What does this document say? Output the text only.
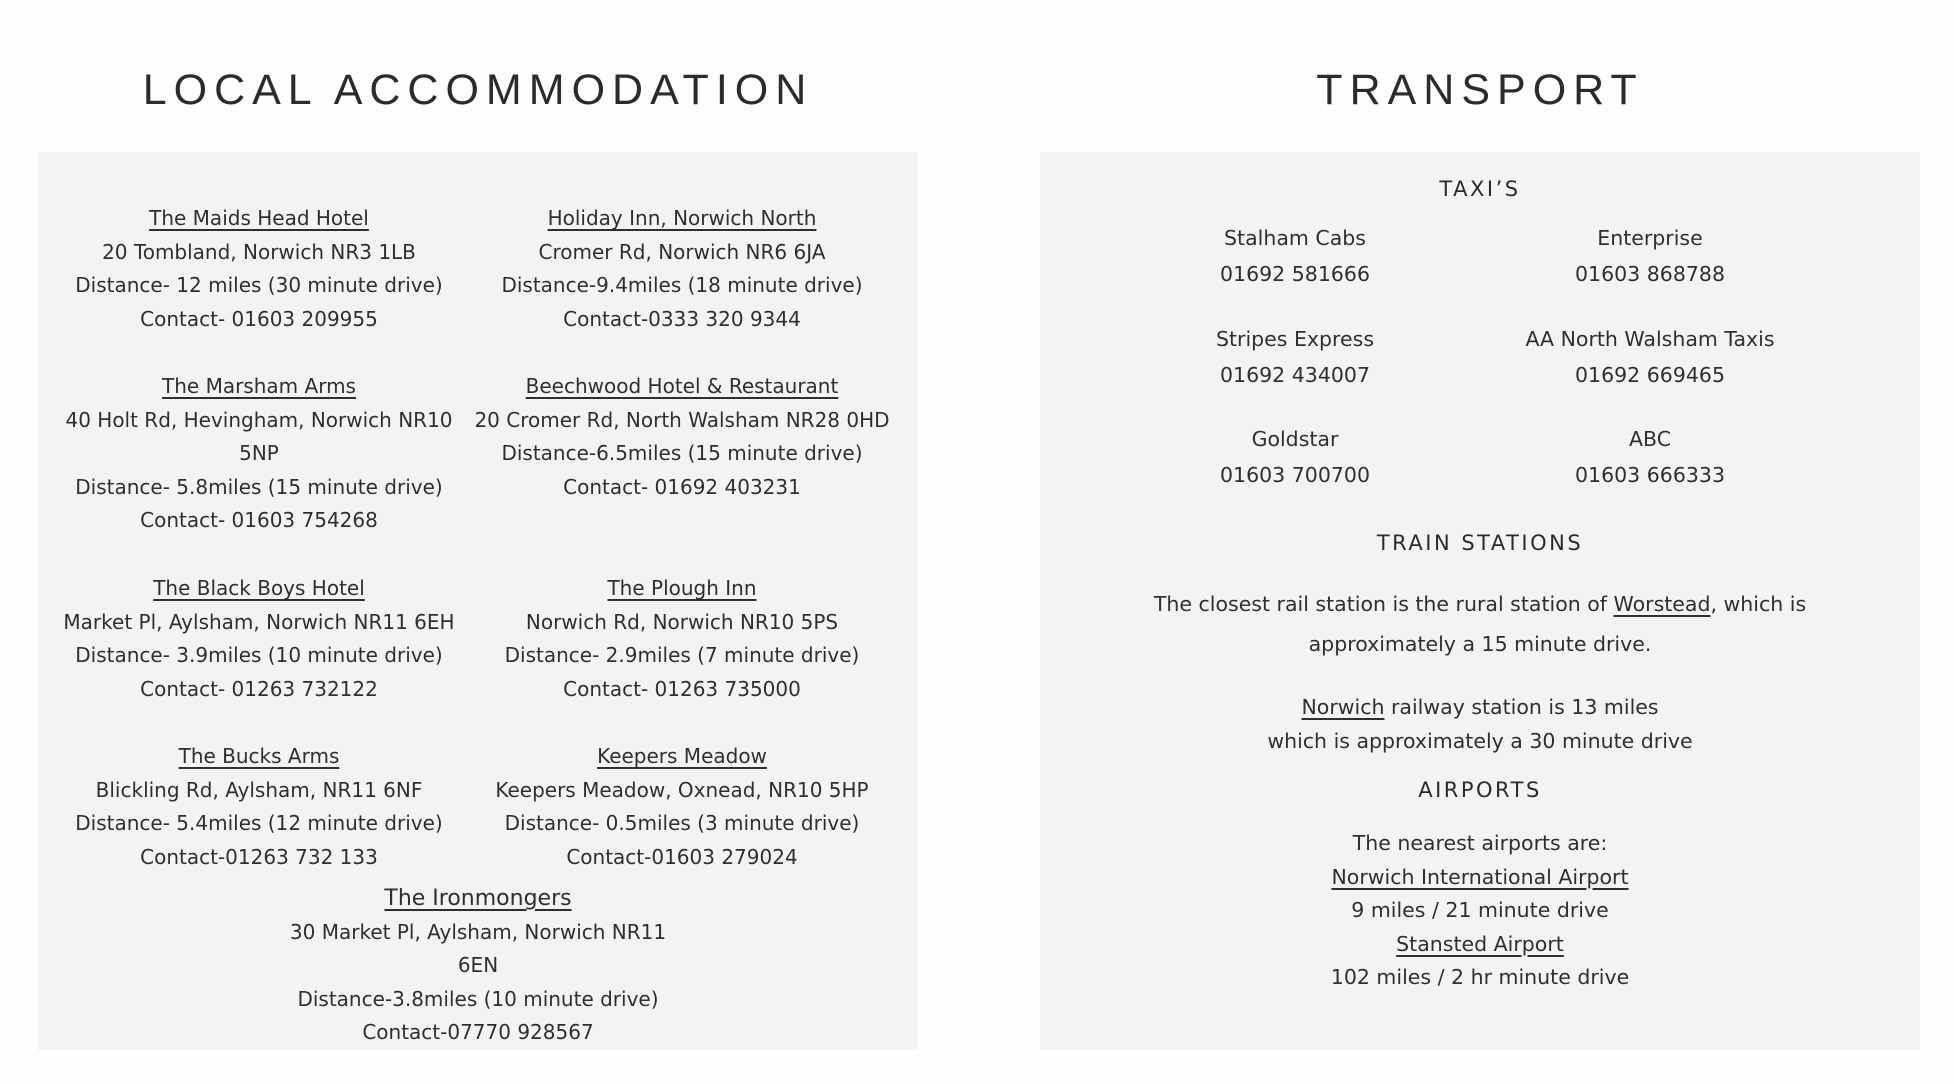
LOCAL ACCOMMODATION	TRANSPORT
The Maids Head Hotel
20 Tombland, Norwich NR3 1LB
Distance- 12 miles (30 minute drive)
Contact- 01603 209955
Holiday Inn, Norwich North
Cromer Rd, Norwich NR6 6JA
Distance-9.4miles (18 minute drive)
Contact-0333 320 9344
The Marsham Arms
40 Holt Rd, Hevingham, Norwich NR10 5NP
Distance- 5.8miles (15 minute drive)
Contact- 01603 754268
Beechwood Hotel & Restaurant
20 Cromer Rd, North Walsham NR28 0HD
Distance-6.5miles (15 minute drive)
Contact- 01692 403231
The Black Boys Hotel
Market Pl, Aylsham, Norwich NR11 6EH
Distance- 3.9miles (10 minute drive)
Contact- 01263 732122
The Plough Inn
Norwich Rd, Norwich NR10 5PS
Distance- 2.9miles (7 minute drive)
Contact- 01263 735000
The Bucks Arms
Blickling Rd, Aylsham, NR11 6NF
Distance- 5.4miles (12 minute drive)
Contact-01263 732 133
Keepers Meadow
Keepers Meadow, Oxnead, NR10 5HP
Distance- 0.5miles (3 minute drive)
Contact-01603 279024
The Ironmongers
30 Market Pl, Aylsham, Norwich NR11 6EN
Distance-3.8miles (10 minute drive)
Contact-07770 928567
TAXI’S
Stalham Cabs
01692 581666
Enterprise
01603 868788
Stripes Express
01692 434007
AA North Walsham Taxis
01692 669465
Goldstar
01603 700700
ABC
01603 666333
TRAIN STATIONS
The closest rail station is the rural station of Worstead, which is
approximately a 15 minute drive.
Norwich railway station is 13 miles
which is approximately a 30 minute drive
AIRPORTS
The nearest airports are:
Norwich International Airport
9 miles / 21 minute drive
Stansted Airport
102 miles / 2 hr minute drive
